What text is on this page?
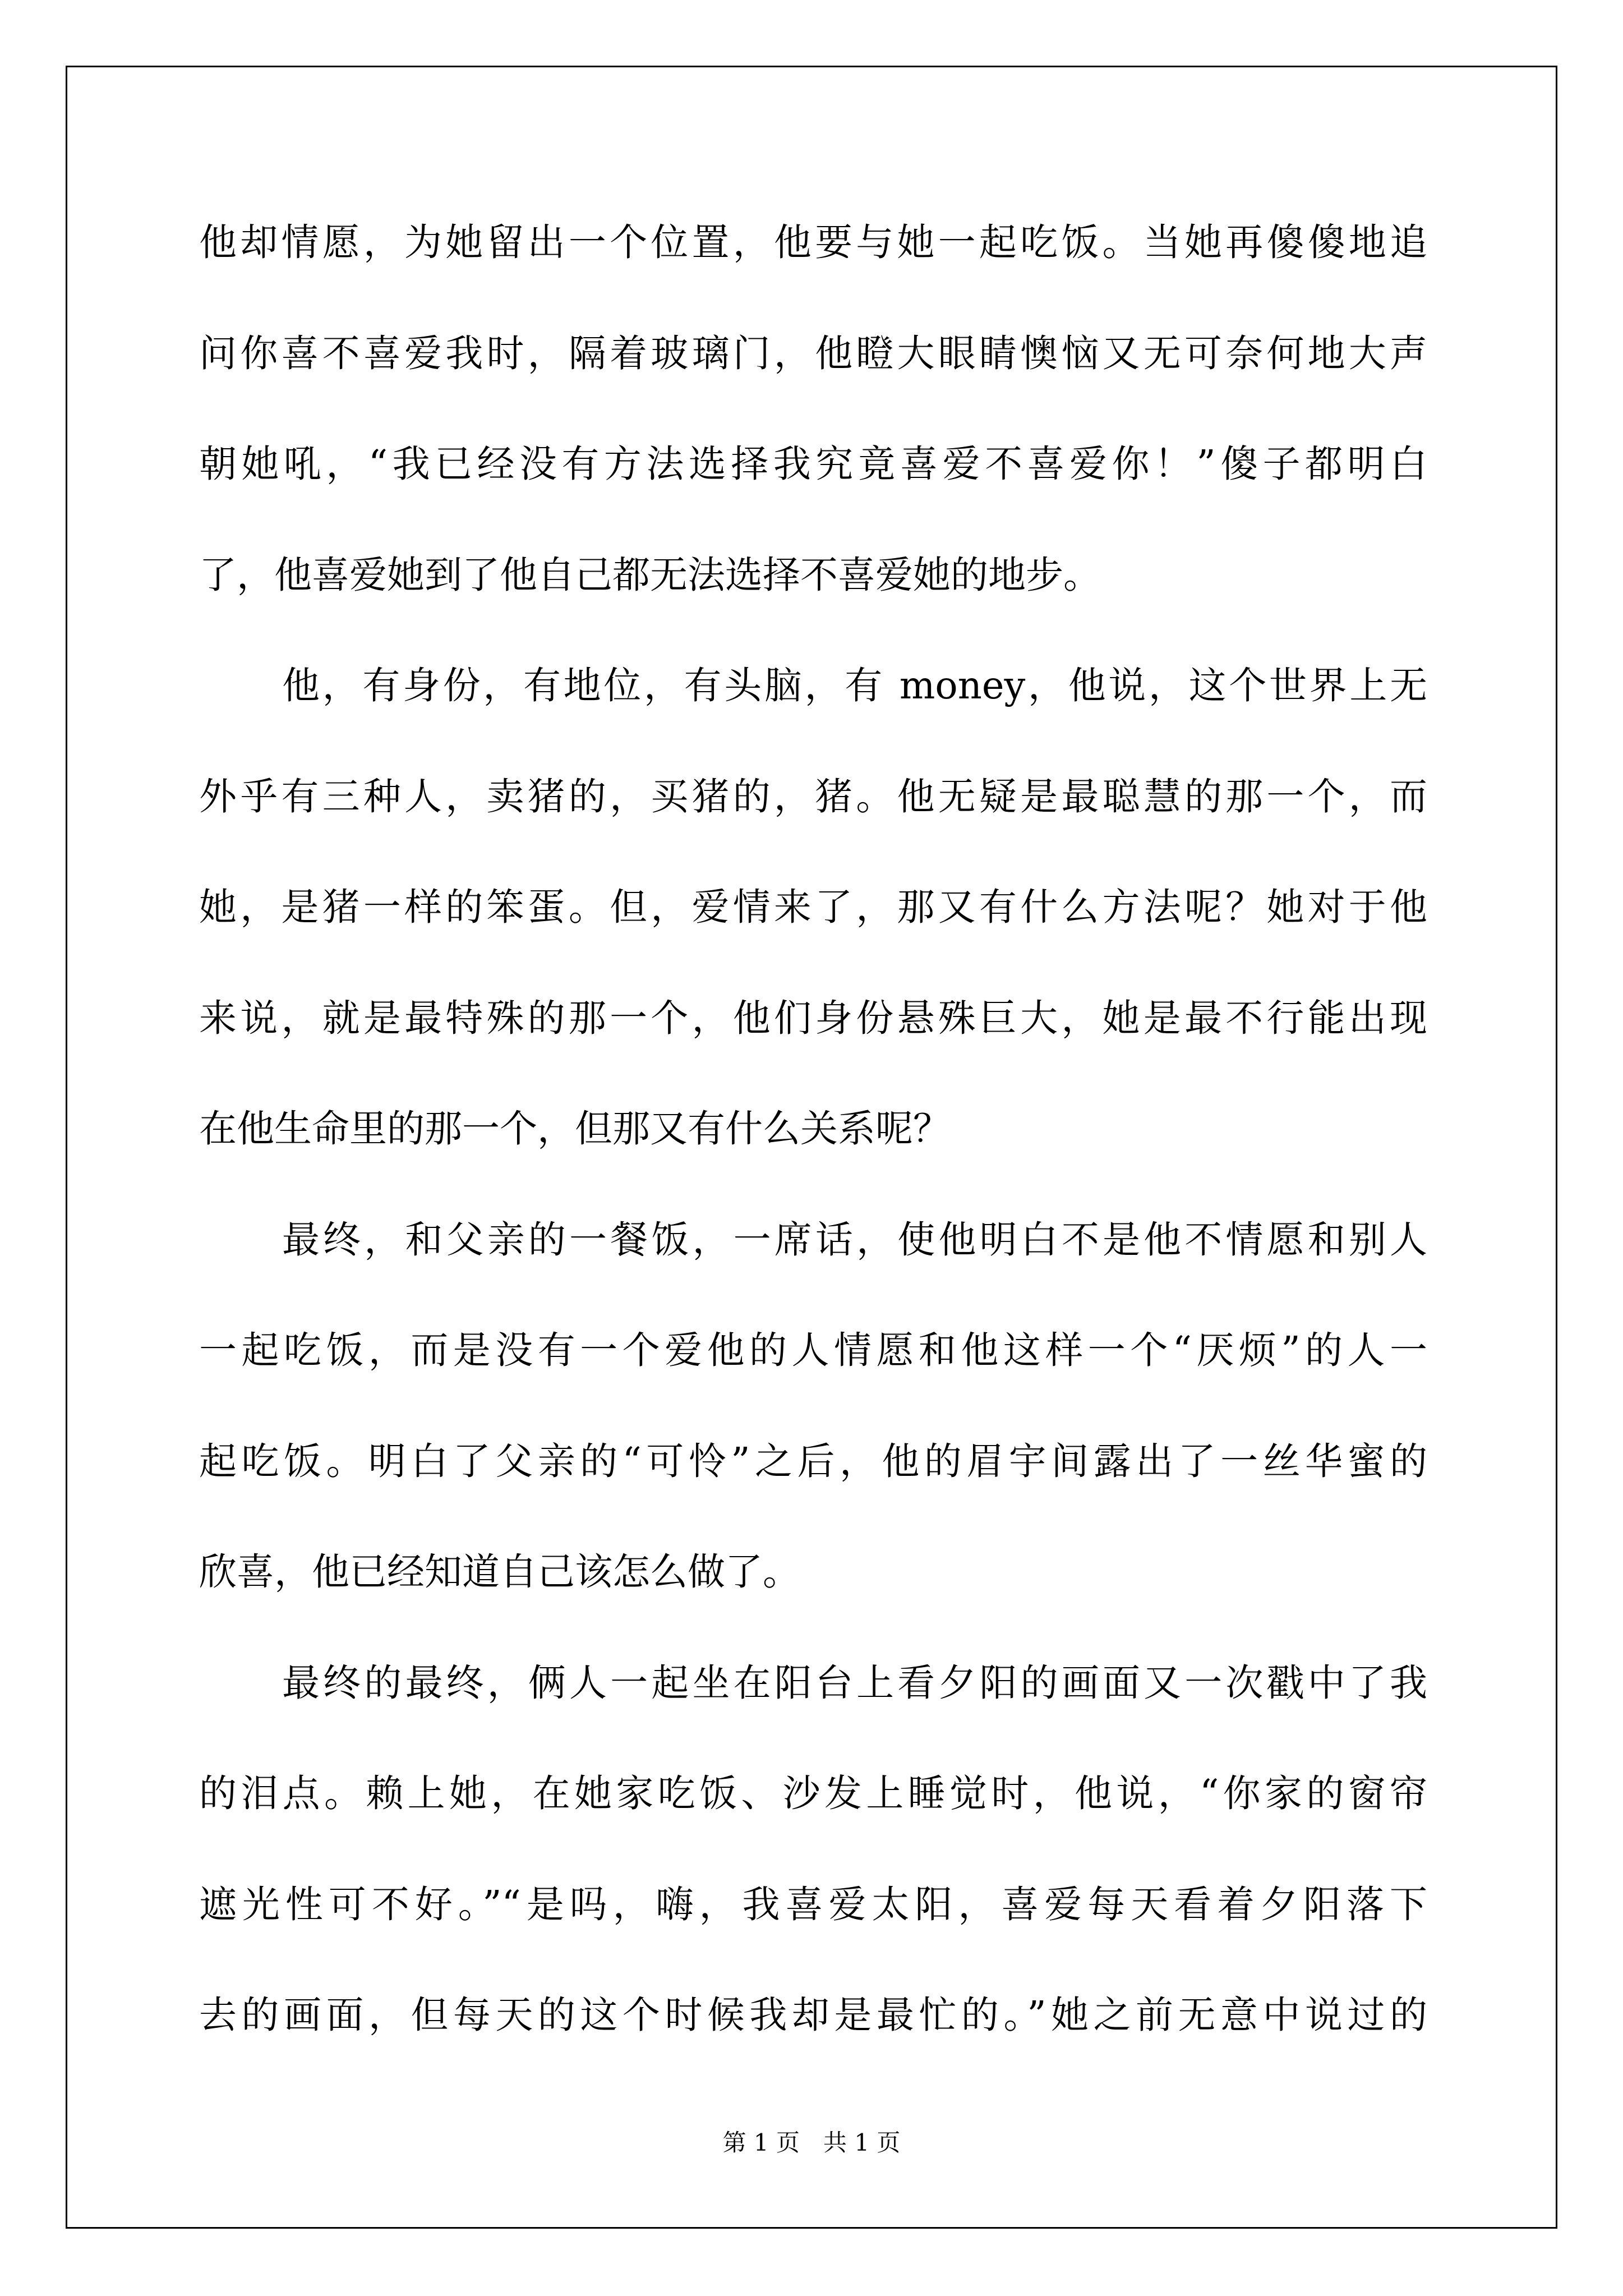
他却情愿，为她留出一个位置，他要与她一起吃饭。当她再傻傻地追
问你喜不喜爱我时，隔着玻璃门，他瞪大眼睛懊恼又无可奈何地大声
朝她吼，“我已经没有方法选择我究竟喜爱不喜爱你！”傻子都明白
了，他喜爱她到了他自己都无法选择不喜爱她的地步。
他，有身份，有地位，有头脑，有 money，他说，这个世界上无
外乎有三种人，卖猪的，买猪的，猪。他无疑是最聪慧的那一个，而
她，是猪一样的笨蛋。但，爱情来了，那又有什么方法呢？她对于他
来说，就是最特殊的那一个，他们身份悬殊巨大，她是最不行能出现
在他生命里的那一个，但那又有什么关系呢？
最终，和父亲的一餐饭，一席话，使他明白不是他不情愿和别人
一起吃饭，而是没有一个爱他的人情愿和他这样一个“厌烦”的人一
起吃饭。明白了父亲的“可怜”之后，他的眉宇间露出了一丝华蜜的
欣喜，他已经知道自己该怎么做了。
最终的最终，俩人一起坐在阳台上看夕阳的画面又一次戳中了我
的泪点。赖上她，在她家吃饭、沙发上睡觉时，他说，“你家的窗帘
遮光性可不好。”“是吗，嗨，我喜爱太阳，喜爱每天看着夕阳落下
去的画面，但每天的这个时候我却是最忙的。”她之前无意中说过的
第 1 页　共 1 页
